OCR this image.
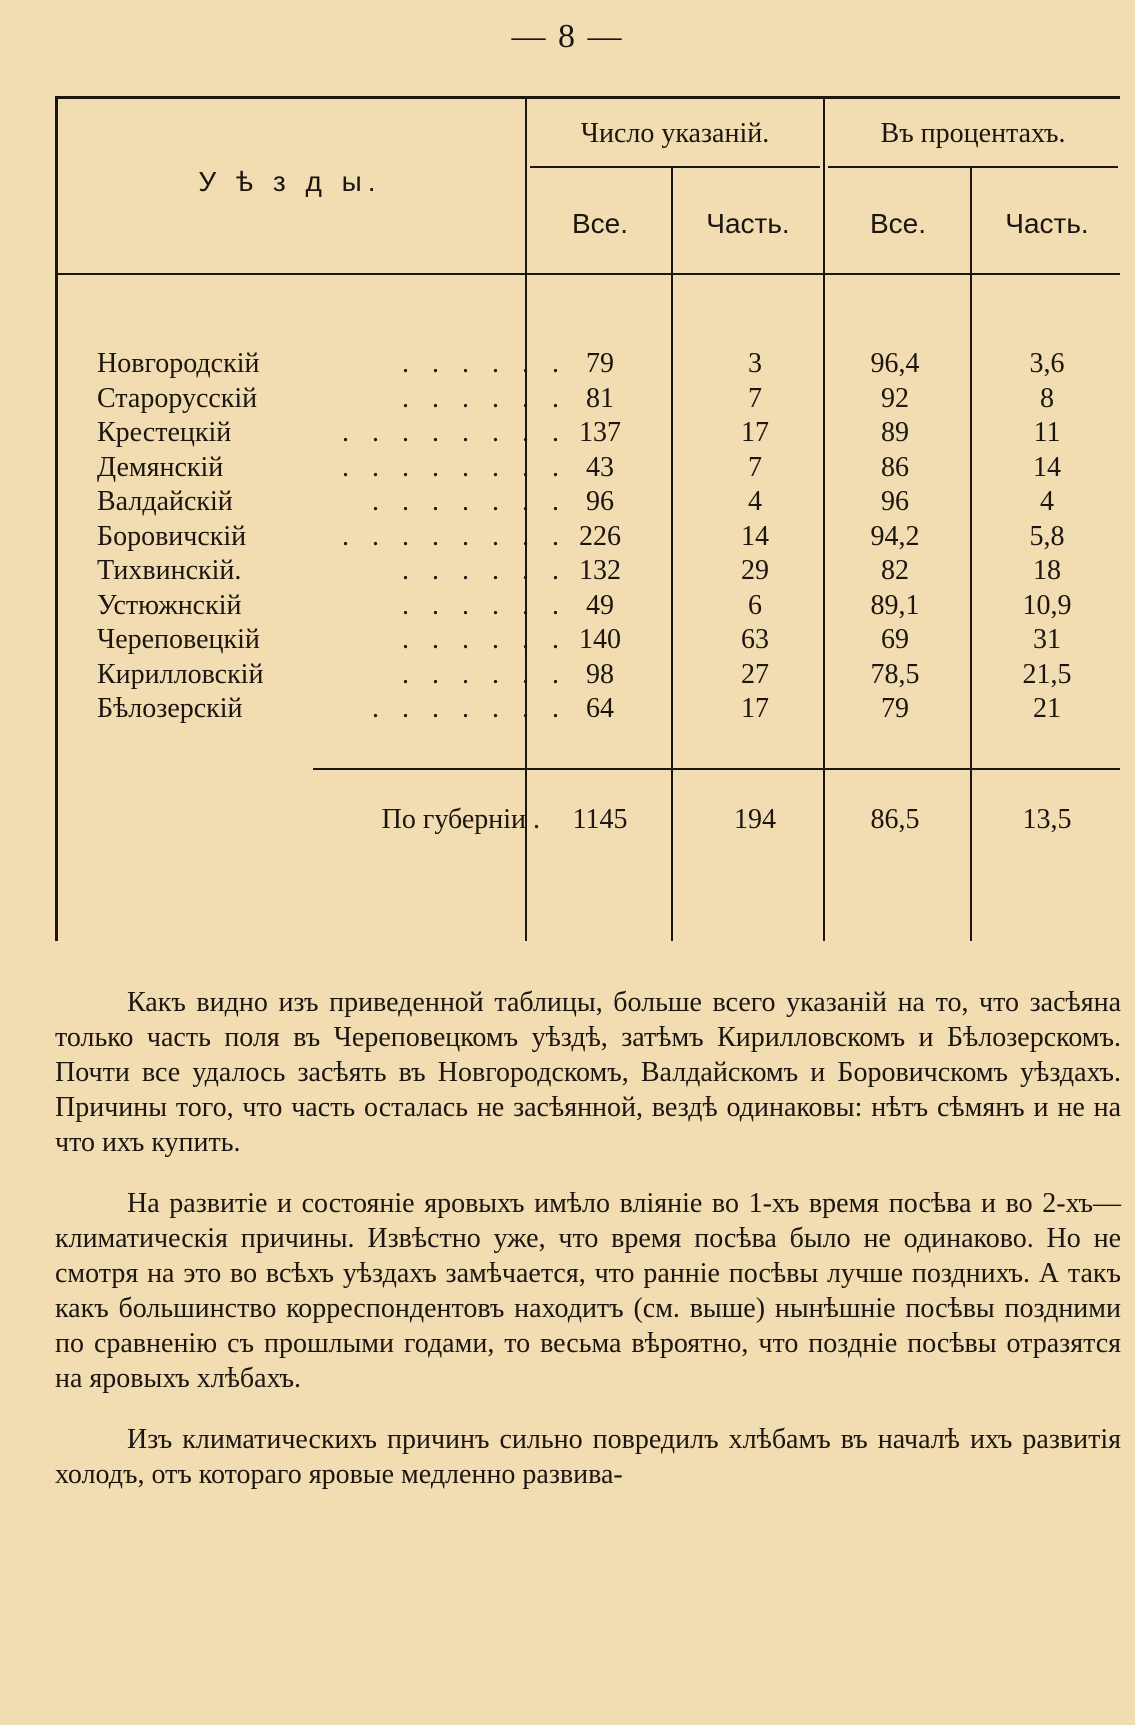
— 8 —
У ѣ з д ы.
Число указаній.	Въ процентахъ.
Все.	Часть.	Все.	Часть.
Новгородскій	. . . . . . 79	3	96,4	3,6
Старорусскій	. . . . . . 81	7	92	8
Крестецкій	. . . . . . . . 137	17	89	11
Демянскій	. . . . . . . . 43	7	86	14
Валдайскій	. . . . . . . 96	4	96	4
Боровичскій	. . . . . . . . 226	14	94,2	5,8
Тихвинскій.	. . . . . . 132	29	82	18
Устюжнскій	. . . . . . 49	6	89,1	10,9
Череповецкій	. . . . . . 140	63	69	31
Кирилловскій	. . . . . . 98	27	78,5	21,5
Бѣлозерскій	. . . . . . . 64	17	79	21
По губерніи .	1145	194	86,5	13,5

Какъ видно изъ приведенной таблицы, больше всего указаній на то, что засѣяна только часть поля въ Череповецкомъ уѣздѣ, затѣмъ Кирилловскомъ и Бѣлозерскомъ. Почти все удалось засѣять въ Новгородскомъ, Валдайскомъ и Боровичскомъ уѣздахъ. Причины того, что часть осталась не засѣянной, вездѣ одинаковы: нѣтъ сѣмянъ и не на что ихъ купить.

На развитіе и состояніе яровыхъ имѣло вліяніе во 1-хъ время посѣва и во 2-хъ—климатическія причины. Извѣстно уже, что время посѣва было не одинаково. Но не смотря на это во всѣхъ уѣздахъ замѣчается, что ранніе посѣвы лучше позднихъ. А такъ какъ большинство корреспондентовъ находитъ (см. выше) нынѣшніе посѣвы поздними по сравненію съ прошлыми годами, то весьма вѣроятно, что поздніе посѣвы отразятся на яровыхъ хлѣбахъ.

Изъ климатическихъ причинъ сильно повредилъ хлѣбамъ въ началѣ ихъ развитія холодъ, отъ котораго яровые медленно развива-
